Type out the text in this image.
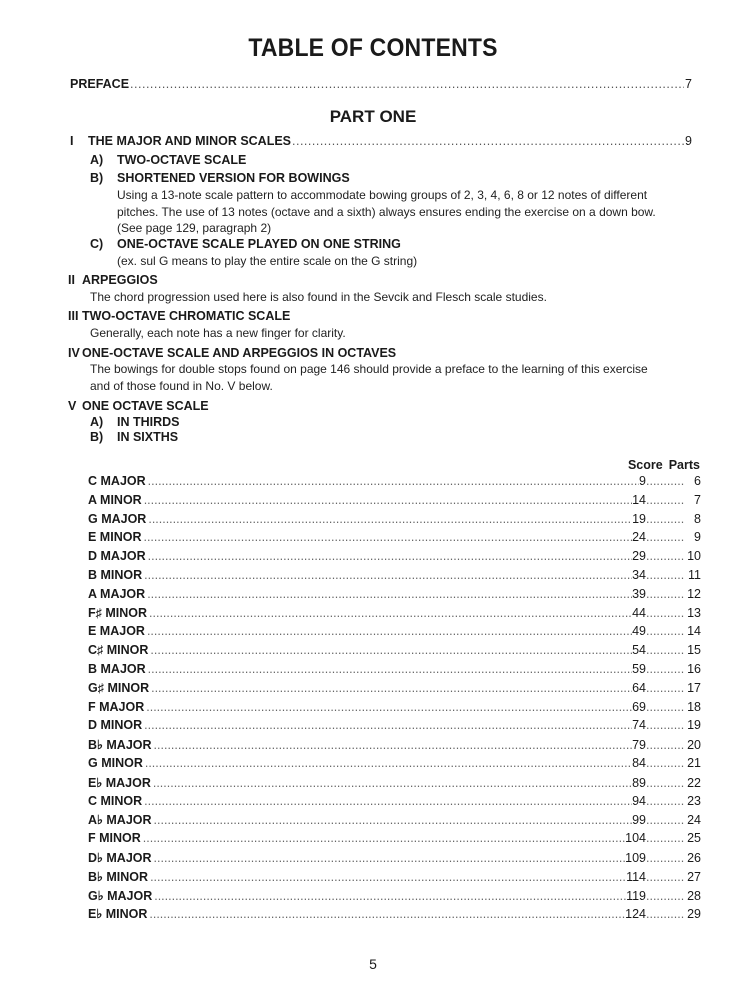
TABLE OF CONTENTS
PREFACE .....	7
PART ONE
I	THE MAJOR AND MINOR SCALES .....	9
A) TWO-OCTAVE SCALE
B) SHORTENED VERSION FOR BOWINGS
Using a 13-note scale pattern to accommodate bowing groups of 2, 3, 4, 6, 8 or 12 notes of different pitches. The use of 13 notes (octave and a sixth) always ensures ending the exercise on a down bow. (See page 129, paragraph 2)
C) ONE-OCTAVE SCALE PLAYED ON ONE STRING
(ex. sul G means to play the entire scale on the G string)
II ARPEGGIOS
The chord progression used here is also found in the Sevcik and Flesch scale studies.
III TWO-OCTAVE CHROMATIC SCALE
Generally, each note has a new finger for clarity.
IV ONE-OCTAVE SCALE AND ARPEGGIOS IN OCTAVES
The bowings for double stops found on page 146 should provide a preface to the learning of this exercise and of those found in No. V below.
V ONE OCTAVE SCALE
A) IN THIRDS
B) IN SIXTHS
Score Parts
C MAJOR .....	9 .....	6
A MINOR .....	14 .....	7
G MAJOR .....	19 .....	8
E MINOR .....	24 .....	9
D MAJOR .....	29 .....	10
B MINOR .....	34 .....	11
A MAJOR .....	39 .....	12
F♯ MINOR .....	44 .....	13
E MAJOR .....	49 .....	14
C♯ MINOR .....	54 .....	15
B MAJOR .....	59 .....	16
G♯ MINOR .....	64 .....	17
F MAJOR .....	69 .....	18
D MINOR .....	74 .....	19
B♭ MAJOR .....	79 .....	20
G MINOR .....	84 .....	21
E♭ MAJOR .....	89 .....	22
C MINOR .....	94 .....	23
A♭ MAJOR .....	99 .....	24
F MINOR .....	104 .....	25
D♭ MAJOR .....	109 .....	26
B♭ MINOR .....	114 .....	27
G♭ MAJOR .....	119 .....	28
E♭ MINOR .....	124 .....	29
5
